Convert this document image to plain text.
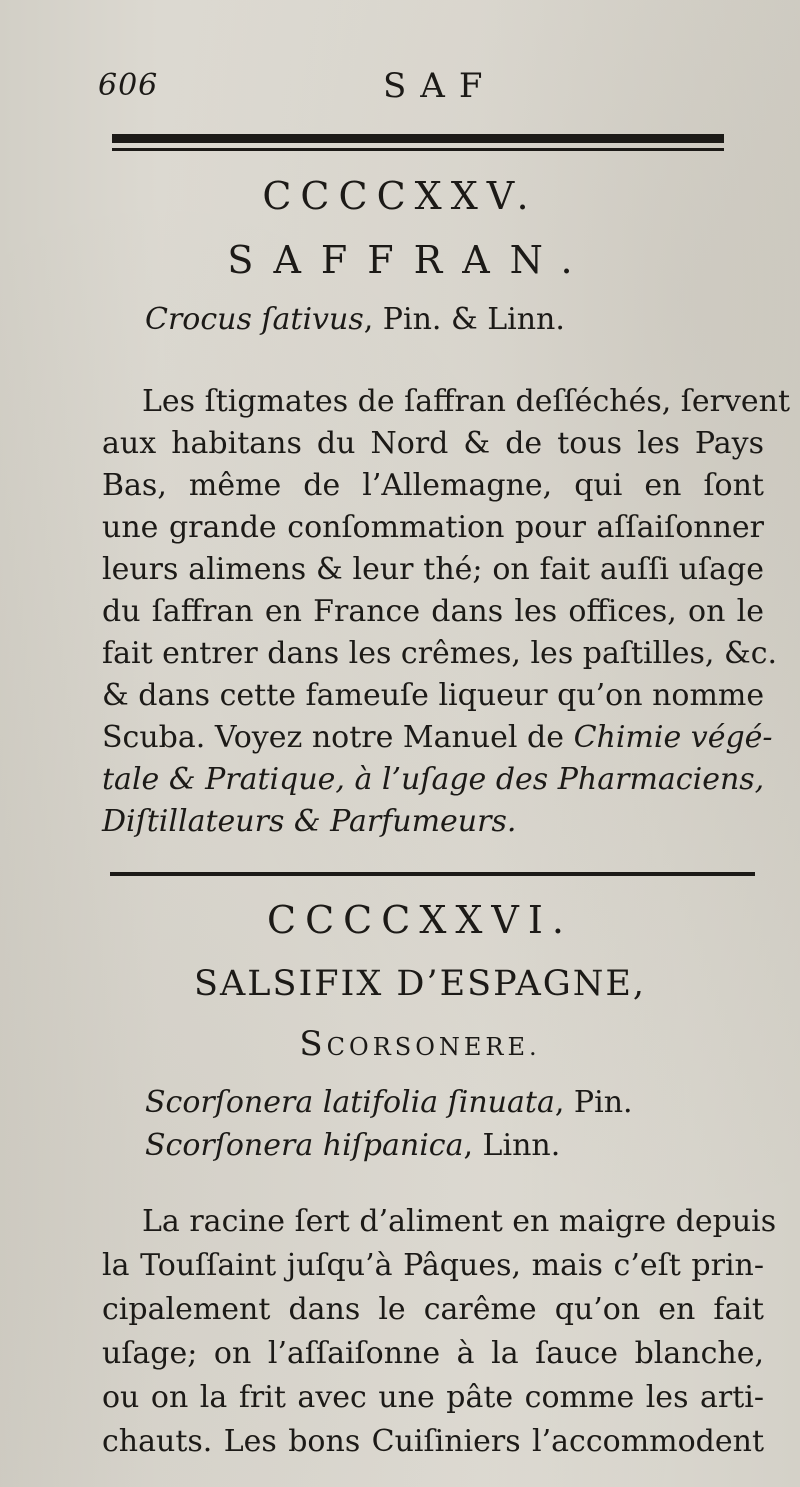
606	SAF
CCCCXXV.
SAFFRAN.
Crocus ſativus, Pin. & Linn.
Les ſtigmates de ſaffran deſſéchés, ſervent
aux habitans du Nord & de tous les Pays
Bas, même de l’Allemagne, qui en ſont
une grande conſommation pour aſſaiſonner
leurs alimens & leur thé; on fait auſſi uſage
du ſaffran en France dans les offices, on le
fait entrer dans les crêmes, les paſtilles, &c.
& dans cette fameuſe liqueur qu’on nomme
Scuba. Voyez notre Manuel de Chimie végé-
tale & Pratique, à l’uſage des Pharmaciens,
Diſtillateurs & Parfumeurs.
CCCCXXVI.
SALSIFIX D’ESPAGNE,
SCORSONERE.
Scorſonera latifolia ſinuata, Pin.
Scorſonera hiſpanica, Linn.
La racine ſert d’aliment en maigre depuis
la Touſſaint juſqu’à Pâques, mais c’eſt prin-
cipalement dans le carême qu’on en fait
uſage; on l’aſſaiſonne à la ſauce blanche,
ou on la frit avec une pâte comme les arti-
chauts. Les bons Cuiſiniers l’accommodent
